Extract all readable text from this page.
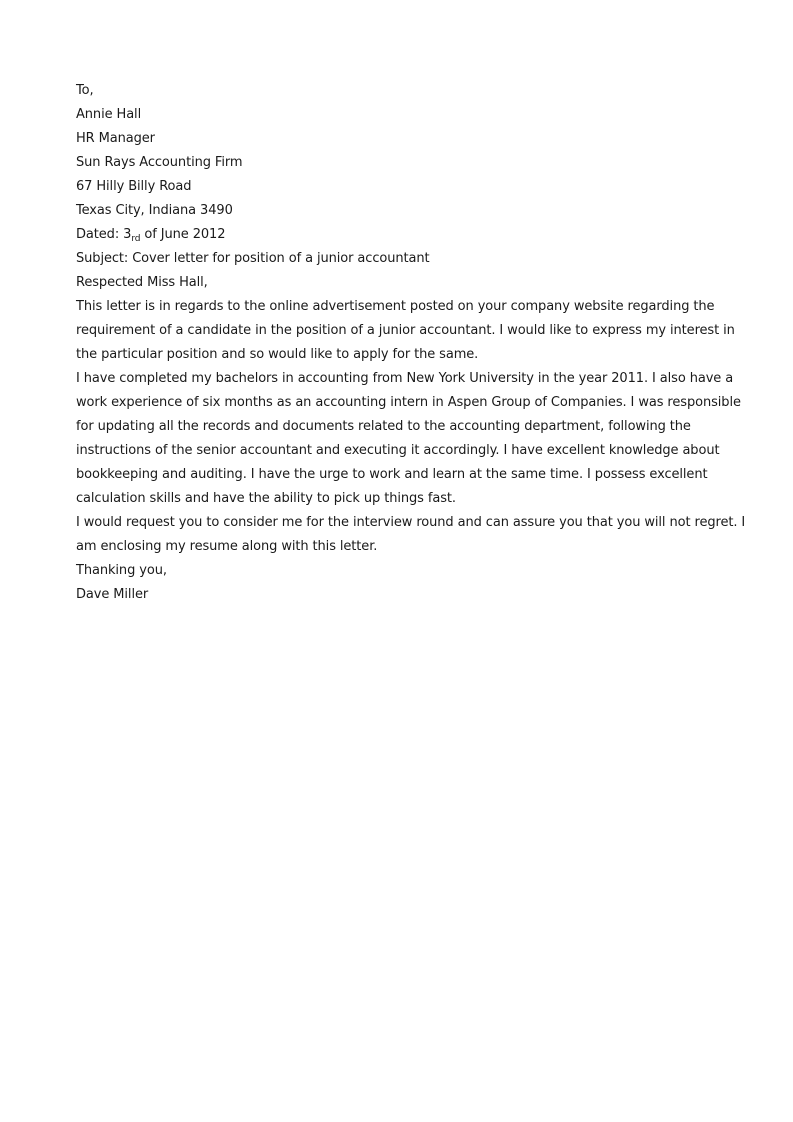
To,
Annie Hall
HR Manager
Sun Rays Accounting Firm
67 Hilly Billy Road
Texas City, Indiana 3490
Dated: $3_{rd}$ of June 2012
Subject: Cover letter for position of a junior accountant
Respected Miss Hall,
This letter is in regards to the online advertisement posted on your company website regarding the
requirement of a candidate in the position of a junior accountant. I would like to express my interest in
the particular position and so would like to apply for the same.
I have completed my bachelors in accounting from New York University in the year 2011. I also have a
work experience of six months as an accounting intern in Aspen Group of Companies. I was responsible
for updating all the records and documents related to the accounting department, following the
instructions of the senior accountant and executing it accordingly. I have excellent knowledge about
bookkeeping and auditing. I have the urge to work and learn at the same time. I possess excellent
calculation skills and have the ability to pick up things fast.
I would request you to consider me for the interview round and can assure you that you will not regret. I
am enclosing my resume along with this letter.
Thanking you,
Dave Miller
